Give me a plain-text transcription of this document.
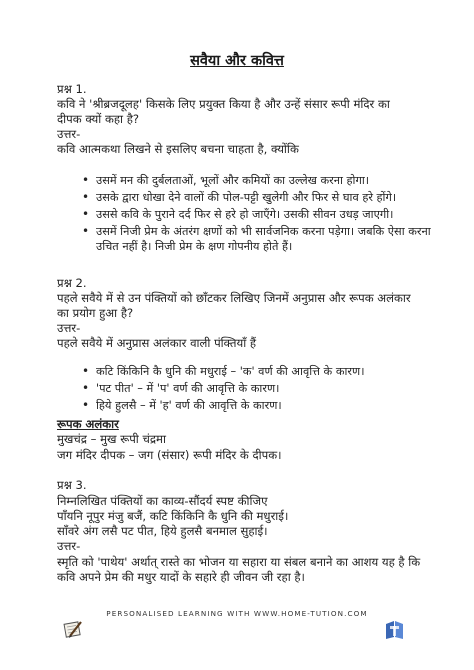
सवैया और कवित्त
प्रश्न 1.
कवि ने 'श्रीब्रजदूलह' किसके लिए प्रयुक्त किया है और उन्हें संसार रूपी मंदिर का
दीपक क्यों कहा है?
उत्तर-
कवि आत्मकथा लिखने से इसलिए बचना चाहता है, क्योंकि
• उसमें मन की दुर्बलताओं, भूलों और कमियों का उल्लेख करना होगा।
• उसके द्वारा धोखा देने वालों की पोल-पट्टी खुलेगी और फिर से घाव हरे होंगे।
• उससे कवि के पुराने दर्द फिर से हरे हो जाएँगे। उसकी सीवन उधड़ जाएगी।
• उसमें निजी प्रेम के अंतरंग क्षणों को भी सार्वजनिक करना पड़ेगा। जबकि ऐसा करना उचित नहीं है। निजी प्रेम के क्षण गोपनीय होते हैं।
प्रश्न 2.
पहले सवैये में से उन पंक्तियों को छाँटकर लिखिए जिनमें अनुप्रास और रूपक अलंकार
का प्रयोग हुआ है?
उत्तर-
पहले सवैये में अनुप्रास अलंकार वाली पंक्तियाँ हैं
• कटि किंकिनि कै धुनि की मधुराई – 'क' वर्ण की आवृत्ति के कारण।
• 'पट पीत' – में 'प' वर्ण की आवृत्ति के कारण।
• हिये हुलसै – में 'ह' वर्ण की आवृत्ति के कारण।
रूपक अलंकार
मुखचंद्र – मुख रूपी चंद्रमा
जग मंदिर दीपक – जग (संसार) रूपी मंदिर के दीपक।
प्रश्न 3.
निम्नलिखित पंक्तियों का काव्य-सौंदर्य स्पष्ट कीजिए
पाँयनि नूपुर मंजु बजैं, कटि किंकिनि कै धुनि की मधुराई।
साँवरे अंग लसै पट पीत, हिये हुलसै बनमाल सुहाई।
उत्तर-
स्मृति को 'पाथेय' अर्थात् रास्ते का भोजन या सहारा या संबल बनाने का आशय यह है कि
कवि अपने प्रेम की मधुर यादों के सहारे ही जीवन जी रहा है।
PERSONALISED LEARNING WITH WWW.HOME-TUTION.COM
